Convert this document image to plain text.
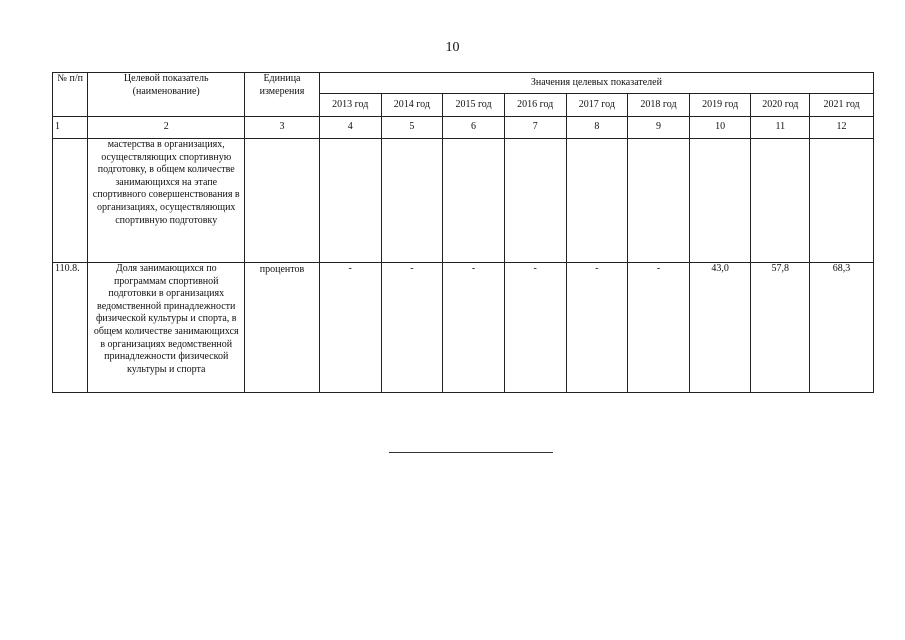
10
№ п/п	Целевой показатель (наименование)	Единица измерения	Значения целевых показателей								
			2013 год	2014 год	2015 год	2016 год	2017 год	2018 год	2019 год	2020 год	2021 год
1	2	3	4	5	6	7	8	9	10	11	12
	мастерства в организациях, осуществляющих спортивную подготовку, в общем количестве занимающихся на этапе спортивного совершенствования в организациях, осуществляющих спортивную подготовку										
110.8.	Доля занимающихся по программам спортивной подготовки в организациях ведомственной принадлежности физической культуры и спорта, в общем количестве занимающихся в организациях ведомственной принадлежности физической культуры и спорта	процентов	-	-	-	-	-	-	43,0	57,8	68,3
